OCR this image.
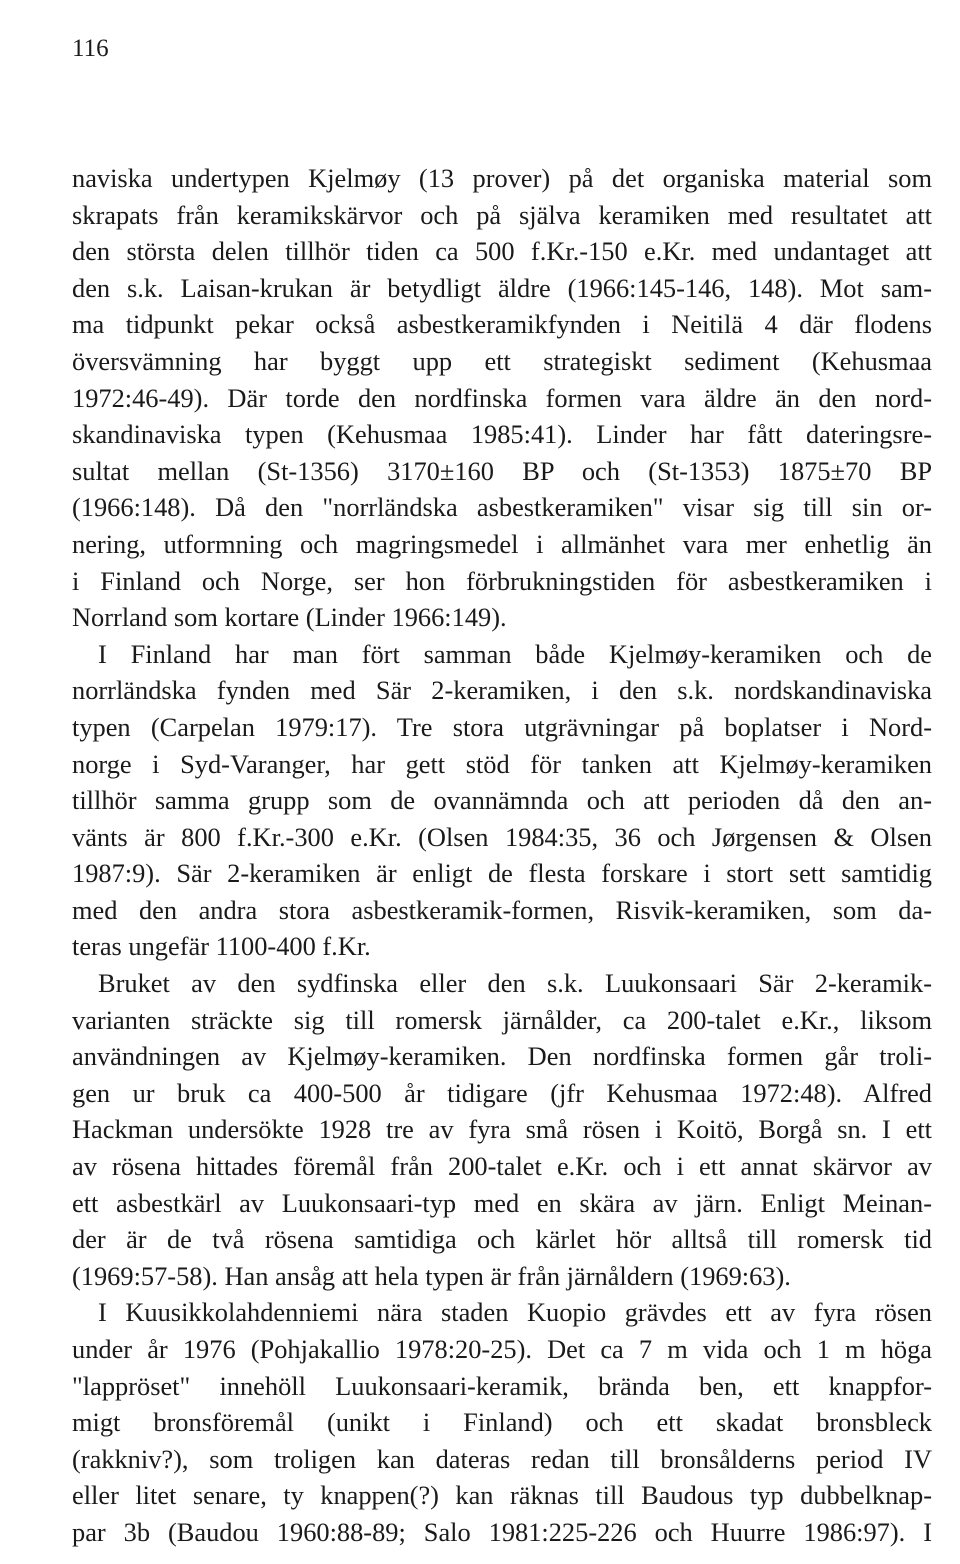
116
naviska undertypen Kjelmøy (13 prover) på det organiska material som
skrapats från keramikskärvor och på själva keramiken med resultatet att
den största delen tillhör tiden ca 500 f.Kr.-150 e.Kr. med undantaget att
den s.k. Laisan-krukan är betydligt äldre (1966:145-146, 148). Mot sam-
ma tidpunkt pekar också asbestkeramikfynden i Neitilä 4 där flodens
översvämning har byggt upp ett strategiskt sediment (Kehusmaa
1972:46-49). Där torde den nordfinska formen vara äldre än den nord-
skandinaviska typen (Kehusmaa 1985:41). Linder har fått dateringsre-
sultat mellan (St-1356) 3170±160 BP och (St-1353) 1875±70 BP
(1966:148). Då den "norrländska asbestkeramiken" visar sig till sin or-
nering, utformning och magringsmedel i allmänhet vara mer enhetlig än
i Finland och Norge, ser hon förbrukningstiden för asbestkeramiken i
Norrland som kortare (Linder 1966:149).
I Finland har man fört samman både Kjelmøy-keramiken och de
norrländska fynden med Sär 2-keramiken, i den s.k. nordskandinaviska
typen (Carpelan 1979:17). Tre stora utgrävningar på boplatser i Nord-
norge i Syd-Varanger, har gett stöd för tanken att Kjelmøy-keramiken
tillhör samma grupp som de ovannämnda och att perioden då den an-
vänts är 800 f.Kr.-300 e.Kr. (Olsen 1984:35, 36 och Jørgensen & Olsen
1987:9). Sär 2-keramiken är enligt de flesta forskare i stort sett samtidig
med den andra stora asbestkeramik-formen, Risvik-keramiken, som da-
teras ungefär 1100-400 f.Kr.
Bruket av den sydfinska eller den s.k. Luukonsaari Sär 2-keramik-
varianten sträckte sig till romersk järnålder, ca 200-talet e.Kr., liksom
användningen av Kjelmøy-keramiken. Den nordfinska formen går troli-
gen ur bruk ca 400-500 år tidigare (jfr Kehusmaa 1972:48). Alfred
Hackman undersökte 1928 tre av fyra små rösen i Koitö, Borgå sn. I ett
av rösena hittades föremål från 200-talet e.Kr. och i ett annat skärvor av
ett asbestkärl av Luukonsaari-typ med en skära av järn. Enligt Meinan-
der är de två rösena samtidiga och kärlet hör alltså till romersk tid
(1969:57-58). Han ansåg att hela typen är från järnåldern (1969:63).
I Kuusikkolahdenniemi nära staden Kuopio grävdes ett av fyra rösen
under år 1976 (Pohjakallio 1978:20-25). Det ca 7 m vida och 1 m höga
"lappröset" innehöll Luukonsaari-keramik, brända ben, ett knappfor-
migt bronsföremål (unikt i Finland) och ett skadat bronsbleck
(rakkniv?), som troligen kan dateras redan till bronsålderns period IV
eller litet senare, ty knappen(?) kan räknas till Baudous typ dubbelknap-
par 3b (Baudou 1960:88-89; Salo 1981:225-226 och Huurre 1986:97). I
